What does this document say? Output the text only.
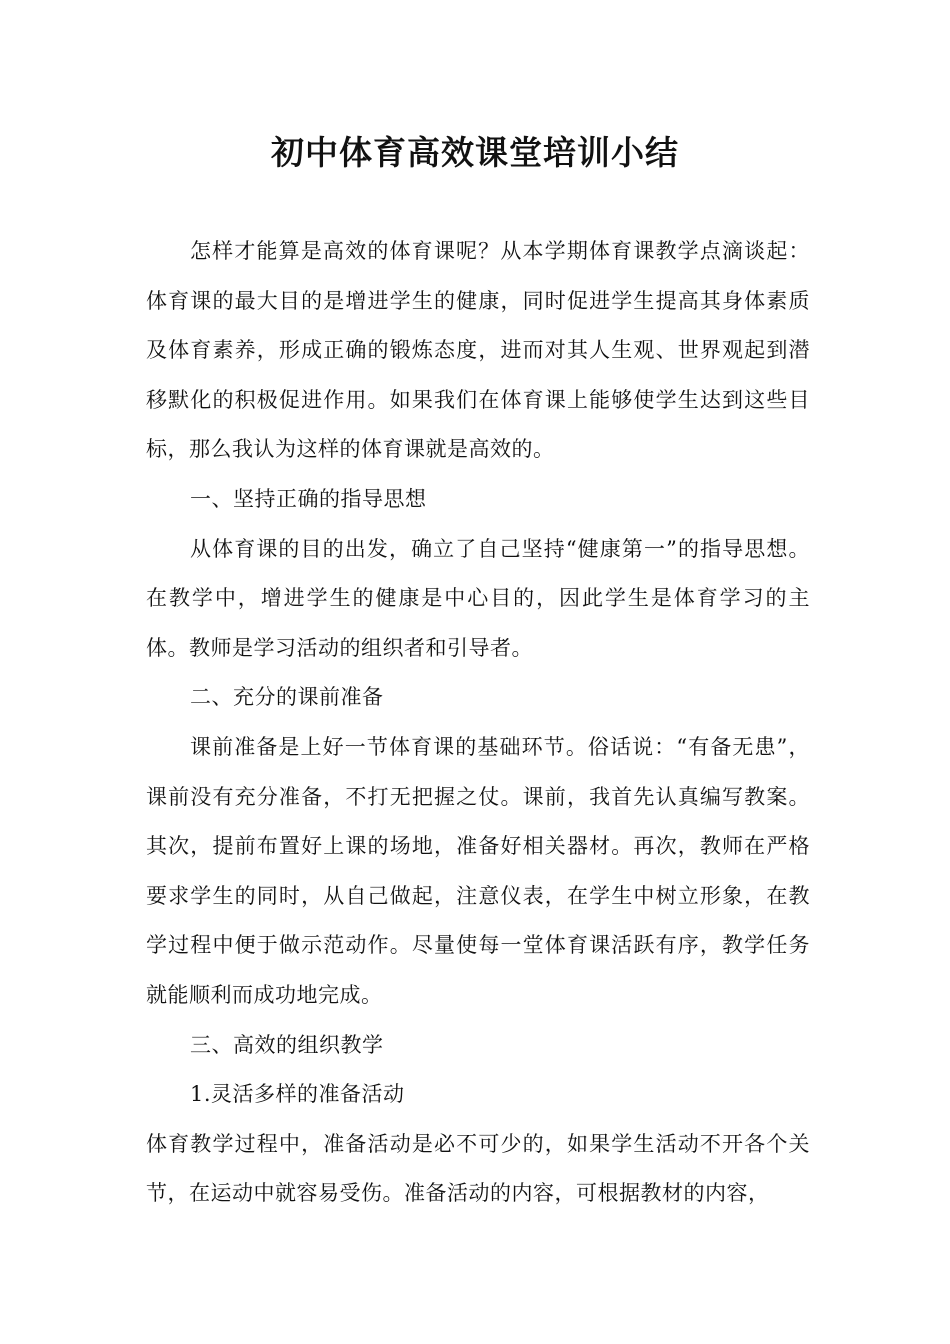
初中体育高效课堂培训小结

怎样才能算是高效的体育课呢？从本学期体育课教学点滴谈起：体育课的最大目的是增进学生的健康，同时促进学生提高其身体素质及体育素养，形成正确的锻炼态度，进而对其人生观、世界观起到潜移默化的积极促进作用。如果我们在体育课上能够使学生达到这些目标，那么我认为这样的体育课就是高效的。

一、坚持正确的指导思想

从体育课的目的出发，确立了自己坚持“健康第一”的指导思想。在教学中，增进学生的健康是中心目的，因此学生是体育学习的主体。教师是学习活动的组织者和引导者。

二、充分的课前准备

课前准备是上好一节体育课的基础环节。俗话说：“有备无患”，课前没有充分准备，不打无把握之仗。课前，我首先认真编写教案。其次，提前布置好上课的场地，准备好相关器材。再次，教师在严格要求学生的同时，从自己做起，注意仪表，在学生中树立形象，在教学过程中便于做示范动作。尽量使每一堂体育课活跃有序，教学任务就能顺利而成功地完成。

三、高效的组织教学

1.灵活多样的准备活动

体育教学过程中，准备活动是必不可少的，如果学生活动不开各个关节，在运动中就容易受伤。准备活动的内容，可根据教材的内容，
